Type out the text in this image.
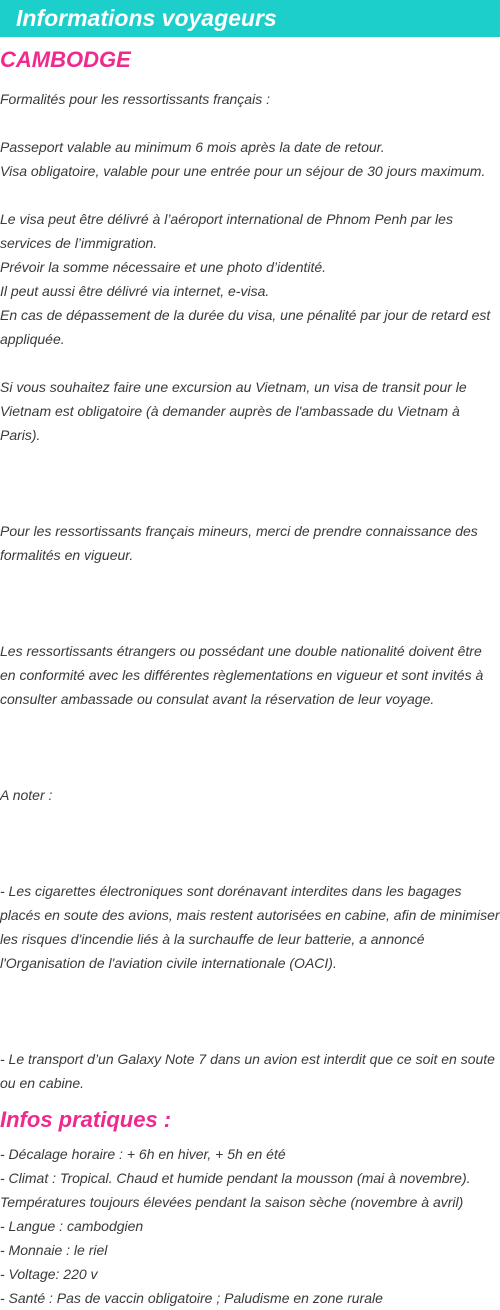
Informations voyageurs
CAMBODGE

Formalités pour les ressortissants français :

Passeport valable au minimum 6 mois après la date de retour.

Visa obligatoire, valable pour une entrée pour un séjour de 30 jours maximum.

Le visa peut être délivré à l’aéroport international de Phnom Penh par les services de l’immigration.

Prévoir la somme nécessaire et une photo d’identité.

Il peut aussi être délivré via internet, e-visa.

En cas de dépassement de la durée du visa, une pénalité par jour de retard est appliquée.

Si vous souhaitez faire une excursion au Vietnam, un visa de transit pour le Vietnam est obligatoire (à demander auprès de l'ambassade du Vietnam à Paris).

Pour les ressortissants français mineurs, merci de prendre connaissance des formalités en vigueur.

Les ressortissants étrangers ou possédant une double nationalité doivent être en conformité avec les différentes règlementations en vigueur et sont invités à consulter ambassade ou consulat avant la réservation de leur voyage.

A noter :

- Les cigarettes électroniques sont dorénavant interdites dans les bagages placés en soute des avions, mais restent autorisées en cabine, afin de minimiser les risques d'incendie liés à la surchauffe de leur batterie, a annoncé l'Organisation de l'aviation civile internationale (OACI).

- Le transport d’un Galaxy Note 7 dans un avion est interdit que ce soit en soute ou en cabine.

Infos pratiques :

- Décalage horaire : + 6h en hiver, + 5h en été

- Climat : Tropical. Chaud et humide pendant la mousson (mai à novembre). Températures toujours élevées pendant la saison sèche (novembre à avril)

- Langue : cambodgien

- Monnaie : le riel

- Voltage: 220 v

- Santé : Pas de vaccin obligatoire ; Paludisme en zone rurale
